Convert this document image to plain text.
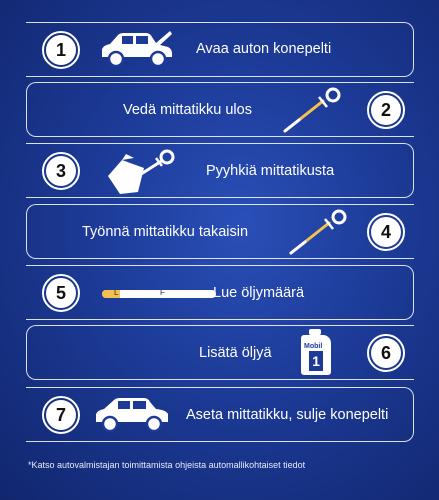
1	Avaa auton konepelti
Vedä mittatikku ulos	2
3	Pyyhkiä mittatikusta
Työnnä mittatikku takaisin	4
5	L	F	Lue öljymäärä
Lisätä öljyä	Mobil
1	6
7	Aseta mittatikku, sulje konepelti
*Katso autovalmistajan toimittamista ohjeista automallikohtaiset tiedot
